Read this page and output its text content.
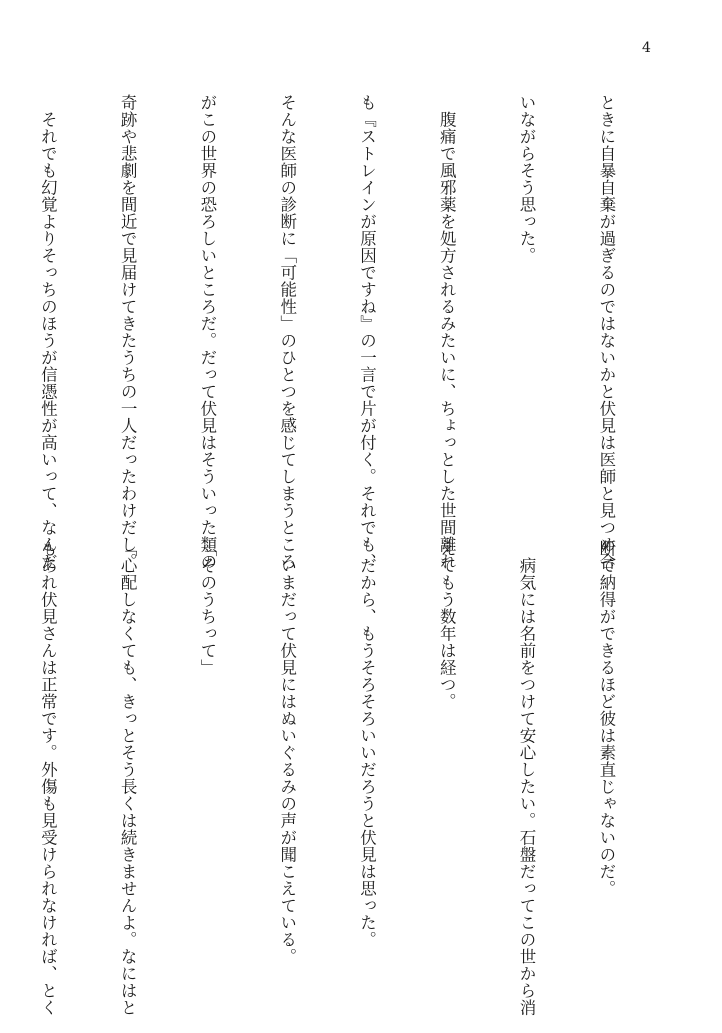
4

ときに自暴自棄が過ぎるのではないかと伏見は医師と見つめ合

いながらそう思った。

　腹痛で風邪薬を処方されるみたいに、ちょっとした世間離れ

も『ストレインが原因ですね』の一言で片が付く。それでも、

そんな医師の診断に「可能性」のひとつを感じてしまうところ

がこの世界の恐ろしいところだ。だって伏見はそういった類の

奇跡や悲劇を間近で見届けてきたうちの一人だったわけだし。

　それでも幻覚よりそっちのほうが信憑性が高いって、なんだ

断で納得ができるほど彼は素直じゃないのだ。

　病気には名前をつけて安心したい。石盤だってこの世から消

えてもう数年は経つ。

　だから、もうそろそろいいだろうと伏見は思った。

　いまだって伏見にはぬいぐるみの声が聞こえている。

「そのうちって」

「心配しなくても、きっとそう長くは続きませんよ。なにはと

もあれ伏見さんは正常です。外傷も見受けられなければ、とく
